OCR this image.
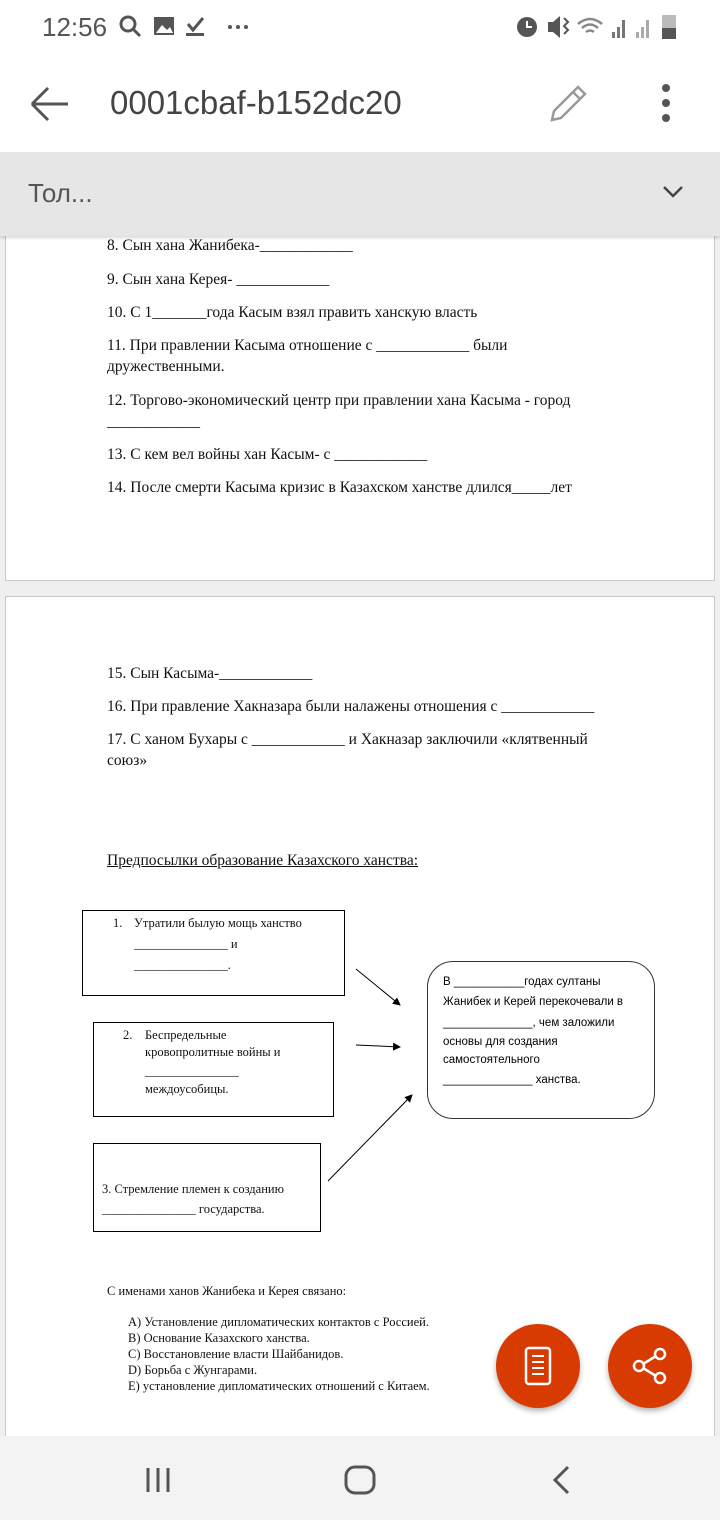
12:56
0001cbaf-b152dc20
Тол...
8. Сын хана Жанибека-____________
9. Сын хана Керея- ____________
10. С 1_______года Касым взял править ханскую власть
11. При правлении Касыма отношение с ____________ были
дружественными.
12. Торгово-экономический центр при правлении хана Касыма - город
____________
13. С кем вел войны хан Касым- с ____________
14. После смерти Касыма кризис в Казахском ханстве длился_____лет
15. Сын Касыма-____________
16. При правление Хакназара были налажены отношения с ____________
17. С ханом Бухары с ____________ и Хакназар заключили «клятвенный
союз»
Предпосылки образование Казахского ханства:
1. Утратили былую мощь ханство
_______________ и
_______________.
2. Беспредельные
кровопролитные войны и
_______________
междоусобицы.
3. Стремление племен к созданию
_______________ государства.
В ___________годах султаны
Жанибек и Керей перекочевали в
______________, чем заложили
основы для создания
самостоятельного
______________ ханства.
С именами ханов Жанибека и Керея связано:
A) Установление дипломатических контактов с Россией.
B) Основание Казахского ханства.
C) Восстановление власти Шайбанидов.
D) Борьба с Жунгарами.
E) установление дипломатических отношений с Китаем.
